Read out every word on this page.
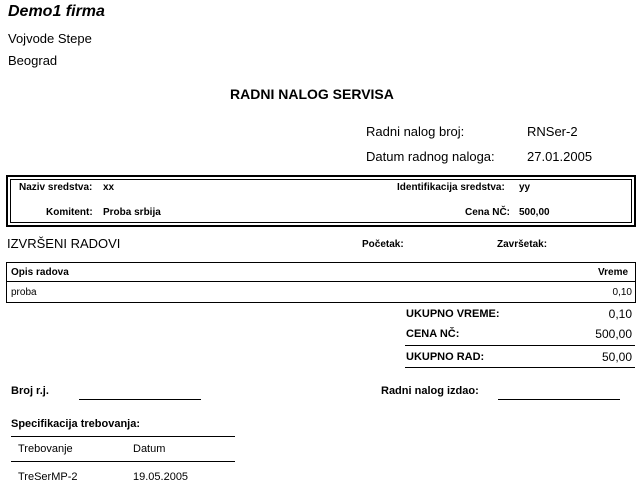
Demo1 firma
Vojvode Stepe
Beograd
RADNI NALOG SERVISA
Radni nalog broj:	RNSer-2
Datum radnog naloga: 27.01.2005
Naziv sredstva: xx	Identifikacija sredstva: yy
Komitent: Proba srbija	Cena NČ: 500,00
IZVRŠENI RADOVI	Početak:	Završetak:
Opis radova	Vreme
proba	0,10
UKUPNO VREME:	0,10
CENA NČ:	500,00
UKUPNO RAD:	50,00
Broj r.j.	Radni nalog izdao:
Specifikacija trebovanja:
Trebovanje	Datum
TreSerMP-2	19.05.2005
